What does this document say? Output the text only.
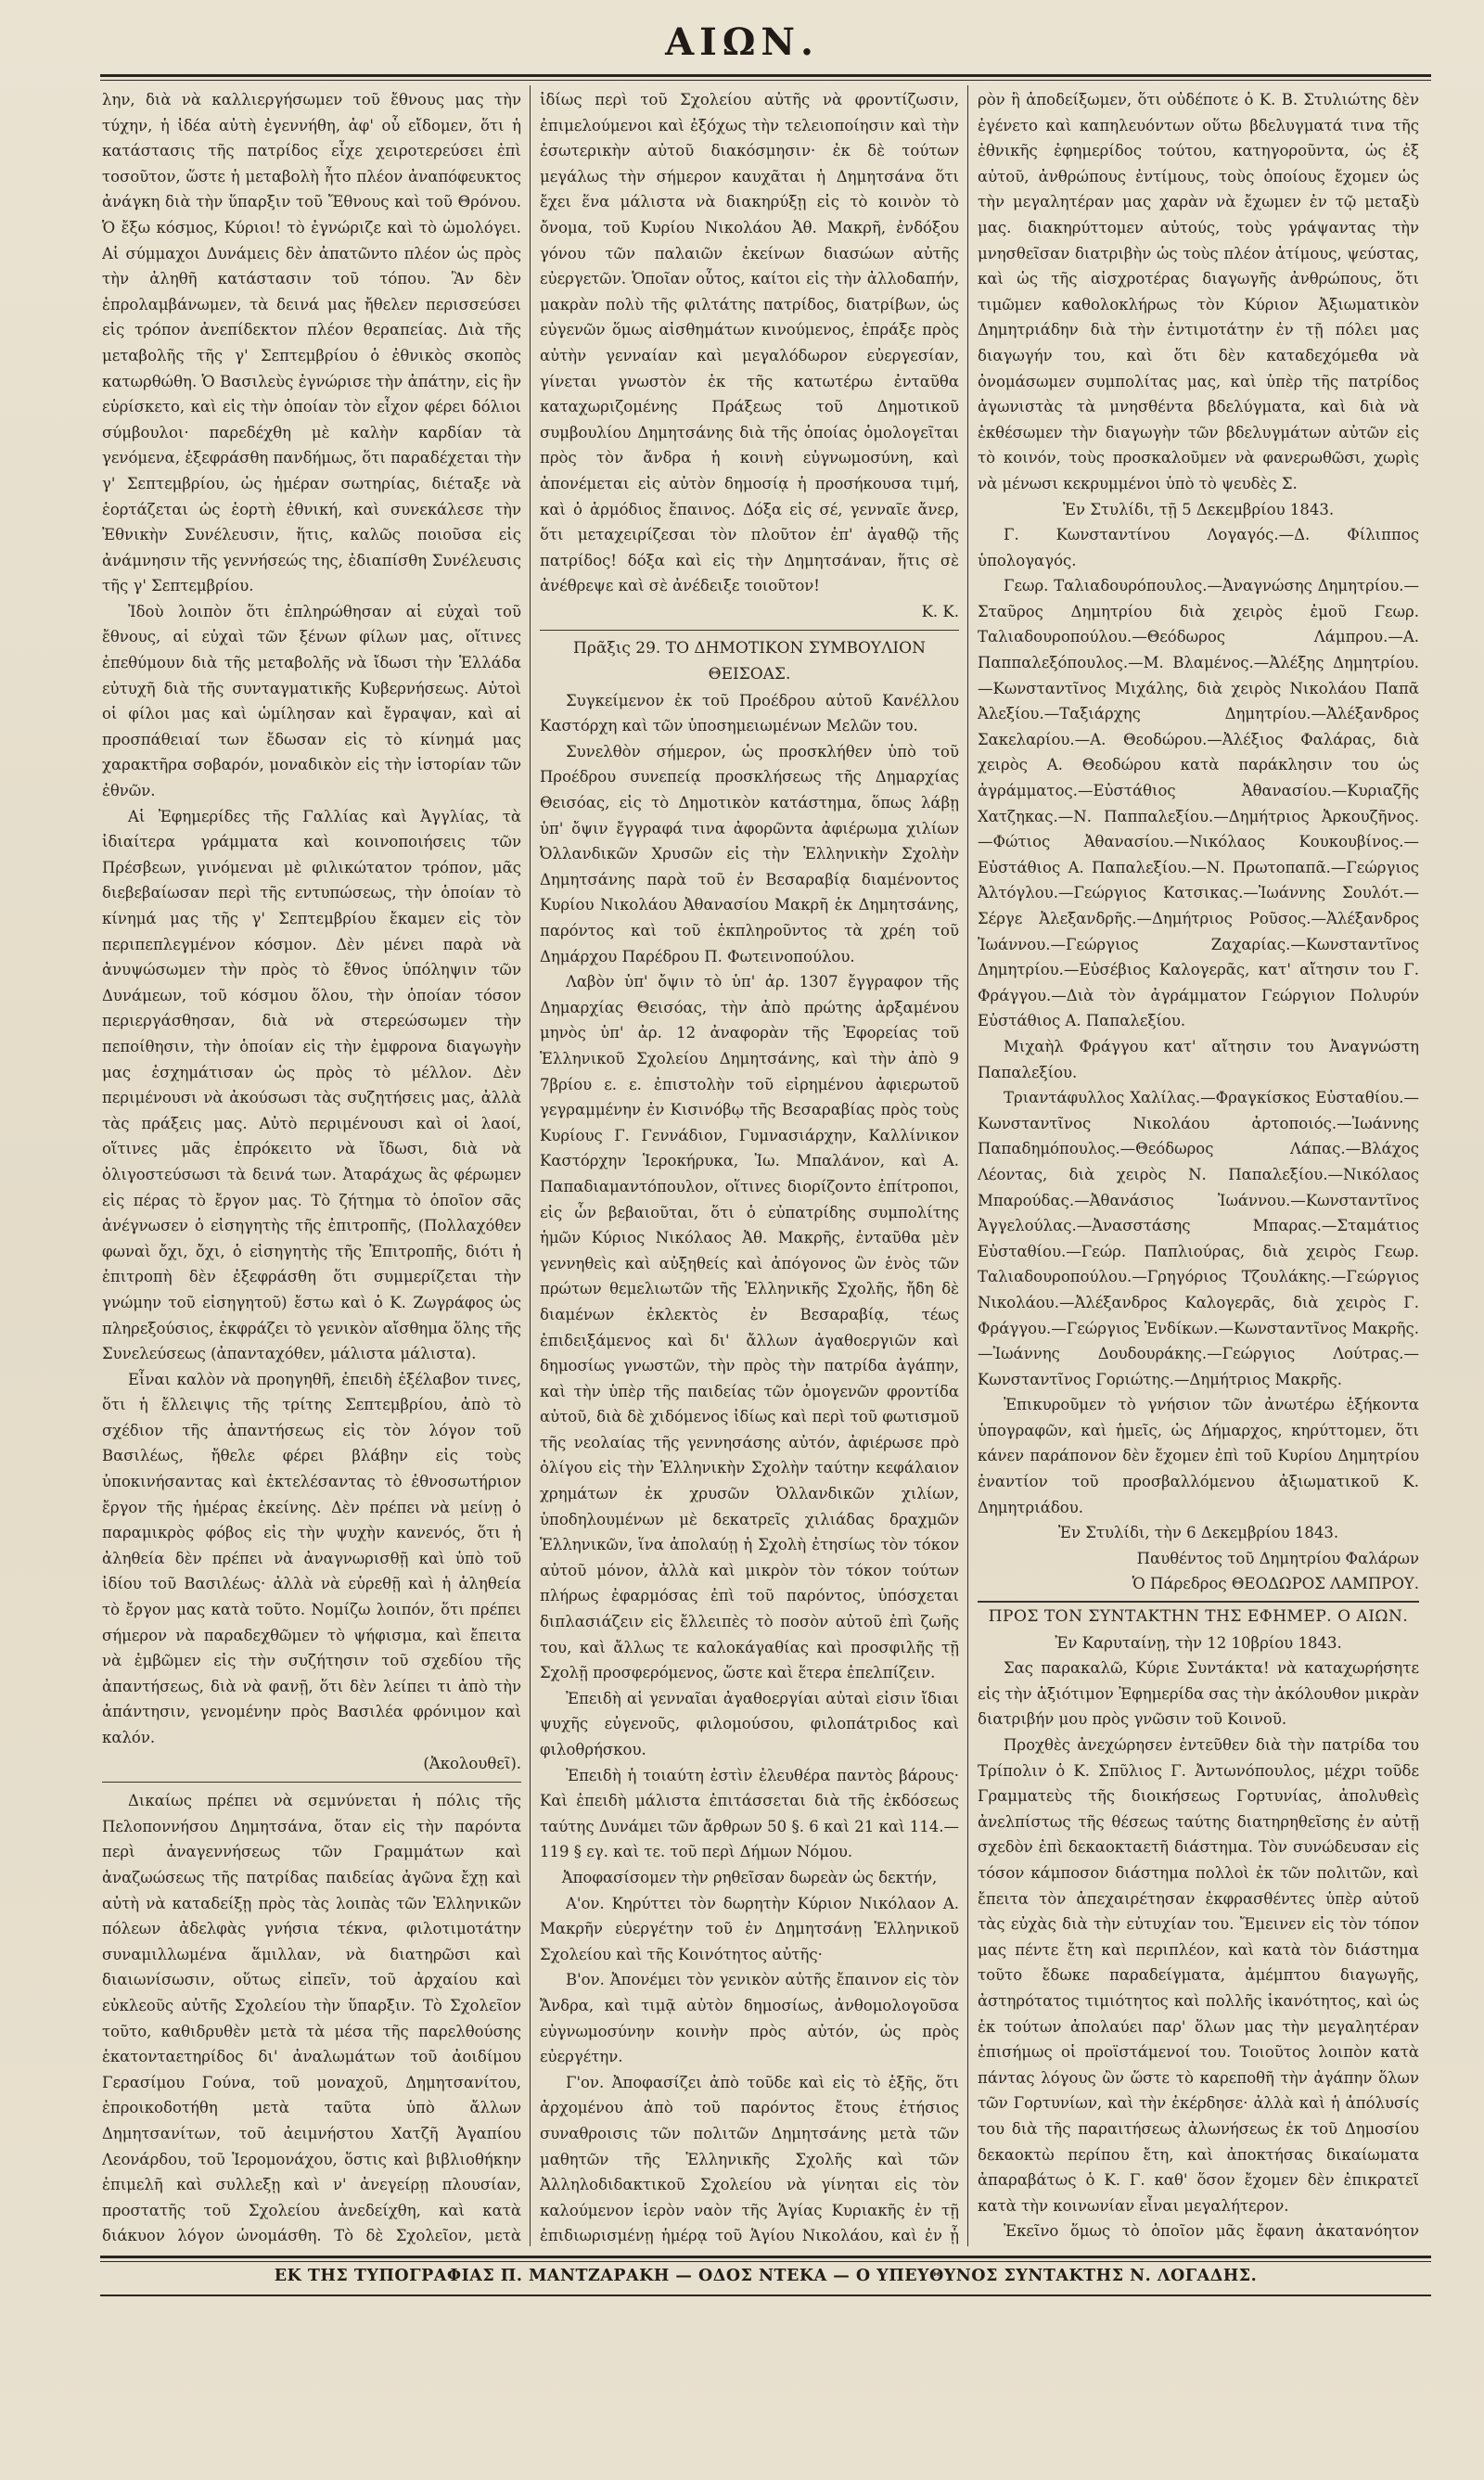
ΑΙΩΝ.

λην, διὰ νὰ καλλιεργήσωμεν τοῦ ἔθνους μας τὴν τύχην, ἡ ἰδέα αὐτὴ ἐγεννήθη, ἀφ' οὗ εἴδομεν, ὅτι ἡ κατάστασις τῆς πατρίδος εἶχε χειροτερεύσει ἐπὶ τοσοῦτον, ὥστε ἡ μεταβολὴ ἦτο πλέον ἀναπόφευκτος ἀνάγκη διὰ τὴν ὕπαρξιν τοῦ Ἔθνους καὶ τοῦ Θρόνου. Ὁ ἔξω κόσμος, Κύριοι! τὸ ἐγνώριζε καὶ τὸ ὡμολόγει. Αἱ σύμμαχοι Δυνάμεις δὲν ἀπατῶντο πλέον ὡς πρὸς τὴν ἀληθῆ κατάστασιν τοῦ τόπου. Ἂν δὲν ἐπρολαμβάνωμεν, τὰ δεινά μας ἤθελεν περισσεύσει εἰς τρόπον ἀνεπίδεκτον πλέον θεραπείας. Διὰ τῆς μεταβολῆς τῆς γ' Σεπτεμβρίου ὁ ἐθνικὸς σκοπὸς κατωρθώθη. Ὁ Βασιλεὺς ἐγνώρισε τὴν ἀπάτην, εἰς ἣν εὑρίσκετο, καὶ εἰς τὴν ὁποίαν τὸν εἶχον φέρει δόλιοι σύμβουλοι· παρεδέχθη μὲ καλὴν καρδίαν τὰ γενόμενα, ἐξεφράσθη πανδήμως, ὅτι παραδέχεται τὴν γ' Σεπτεμβρίου, ὡς ἡμέραν σωτηρίας, διέταξε νὰ ἑορτάζεται ὡς ἑορτὴ ἐθνική, καὶ συνεκάλεσε τὴν Ἐθνικὴν Συνέλευσιν, ἥτις, καλῶς ποιοῦσα εἰς ἀνάμνησιν τῆς γεννήσεώς της, ἐδιαπίσθη Συνέλευσις τῆς γ' Σεπτεμβρίου.

Ἰδοὺ λοιπὸν ὅτι ἐπληρώθησαν αἱ εὐχαὶ τοῦ ἔθνους, αἱ εὐχαὶ τῶν ξένων φίλων μας, οἵτινες ἐπεθύμουν διὰ τῆς μεταβολῆς νὰ ἴδωσι τὴν Ἑλλάδα εὐτυχῆ διὰ τῆς συνταγματικῆς Κυβερνήσεως. Αὐτοὶ οἱ φίλοι μας καὶ ὡμίλησαν καὶ ἔγραψαν, καὶ αἱ προσπάθειαί των ἔδωσαν εἰς τὸ κίνημά μας χαρακτῆρα σοβαρόν, μοναδικὸν εἰς τὴν ἱστορίαν τῶν ἐθνῶν.

Αἱ Ἐφημερίδες τῆς Γαλλίας καὶ Ἀγγλίας, τὰ ἰδιαίτερα γράμματα καὶ κοινοποιήσεις τῶν Πρέσβεων, γινόμεναι μὲ φιλικώτατον τρόπον, μᾶς διεβεβαίωσαν περὶ τῆς εντυπώσεως, τὴν ὁποίαν τὸ κίνημά μας τῆς γ' Σεπτεμβρίου ἔκαμεν εἰς τὸν περιπεπλεγμένον κόσμον. Δὲν μένει παρὰ νὰ ἀνυψώσωμεν τὴν πρὸς τὸ ἔθνος ὑπόληψιν τῶν Δυνάμεων, τοῦ κόσμου ὅλου, τὴν ὁποίαν τόσον περιεργάσθησαν, διὰ νὰ στερεώσωμεν τὴν πεποίθησιν, τὴν ὁποίαν εἰς τὴν ἐμφρονα διαγωγὴν μας ἐσχημάτισαν ὡς πρὸς τὸ μέλλον. Δὲν περιμένουσι νὰ ἀκούσωσι τὰς συζητήσεις μας, ἀλλὰ τὰς πράξεις μας. Αὐτὸ περιμένουσι καὶ οἱ λαοί, οἵτινες μᾶς ἐπρόκειτο νὰ ἴδωσι, διὰ νὰ ὀλιγοστεύσωσι τὰ δεινά των. Ἀταράχως ἂς φέρωμεν εἰς πέρας τὸ ἔργον μας. Τὸ ζήτημα τὸ ὁποῖον σᾶς ἀνέγνωσεν ὁ εἰσηγητὴς τῆς ἐπιτροπῆς, (Πολλαχόθεν φωναὶ ὄχι, ὄχι, ὁ εἰσηγητὴς τῆς Ἐπιτροπῆς, διότι ἡ ἐπιτροπὴ δὲν ἐξεφράσθη ὅτι συμμερίζεται τὴν γνώμην τοῦ εἰσηγητοῦ) ἔστω καὶ ὁ Κ. Ζωγράφος ὡς πληρεξούσιος, ἐκφράζει τὸ γενικὸν αἴσθημα ὅλης τῆς Συνελεύσεως (ἀπανταχόθεν, μάλιστα μάλιστα).

Εἶναι καλὸν νὰ προηγηθῆ, ἐπειδὴ ἐξέλαβον τινες, ὅτι ἡ ἔλλειψις τῆς τρίτης Σεπτεμβρίου, ἀπὸ τὸ σχέδιον τῆς ἀπαντήσεως εἰς τὸν λόγον τοῦ Βασιλέως, ἤθελε φέρει βλάβην εἰς τοὺς ὑποκινήσαντας καὶ ἐκτελέσαντας τὸ ἐθνοσωτήριον ἔργον τῆς ἡμέρας ἐκείνης. Δὲν πρέπει νὰ μείνῃ ὁ παραμικρὸς φόβος εἰς τὴν ψυχὴν κανενός, ὅτι ἡ ἀληθεία δὲν πρέπει νὰ ἀναγνωρισθῇ καὶ ὑπὸ τοῦ ἰδίου τοῦ Βασιλέως· ἀλλὰ νὰ εὑρεθῇ καὶ ἡ ἀληθεία τὸ ἔργον μας κατὰ τοῦτο. Νομίζω λοιπόν, ὅτι πρέπει σήμερον νὰ παραδεχθῶμεν τὸ ψήφισμα, καὶ ἔπειτα νὰ ἐμβῶμεν εἰς τὴν συζήτησιν τοῦ σχεδίου τῆς ἀπαντήσεως, διὰ νὰ φανῇ, ὅτι δὲν λείπει τι ἀπὸ τὴν ἀπάντησιν, γενομένην πρὸς Βασιλέα φρόνιμον καὶ καλόν.

(Ἀκολουθεῖ).

Δικαίως πρέπει νὰ σεμνύνεται ἡ πόλις τῆς Πελοποννήσου Δημητσάνα, ὅταν εἰς τὴν παρόντα περὶ ἀναγεννήσεως τῶν Γραμμάτων καὶ ἀναζωώσεως τῆς πατρίδας παιδείας ἀγῶνα ἔχῃ καὶ αὐτὴ νὰ καταδείξῃ πρὸς τὰς λοιπὰς τῶν Ἑλληνικῶν πόλεων ἀδελφὰς γνήσια τέκνα, φιλοτιμοτάτην συναμιλλωμένα ἅμιλλαν, νὰ διατηρῶσι καὶ διαιωνίσωσιν, οὕτως εἰπεῖν, τοῦ ἀρχαίου καὶ εὐκλεοῦς αὐτῆς Σχολείου τὴν ὕπαρξιν. Τὸ Σχολεῖον τοῦτο, καθιδρυθὲν μετὰ τὰ μέσα τῆς παρελθούσης ἑκατονταετηρίδος δι' ἀναλωμάτων τοῦ ἀοιδίμου Γερασίμου Γούνα, τοῦ μοναχοῦ, Δημητσανίτου, ἐπροικοδοτήθη μετὰ ταῦτα ὑπὸ ἄλλων Δημητσανίτων, τοῦ ἀειμνήστου Χατζῆ Ἀγαπίου Λεονάρδου, τοῦ Ἱερομονάχου, ὅστις καὶ βιβλιοθήκην ἐπιμελῆ καὶ συλλεξῃ καὶ ν' ἀνεγείρῃ πλουσίαν, προστατῆς τοῦ Σχολείου ἀνεδείχθη, καὶ κατὰ διάκυον λόγον ὡνομάσθη. Τὸ δὲ Σχολεῖον, μετὰ

ἰδίως περὶ τοῦ Σχολείου αὐτῆς νὰ φροντίζωσιν, ἐπιμελούμενοι καὶ ἐξόχως τὴν τελειοποίησιν καὶ τὴν ἐσωτερικὴν αὐτοῦ διακόσμησιν· ἐκ δὲ τούτων μεγάλως τὴν σήμερον καυχᾶται ἡ Δημητσάνα ὅτι ἔχει ἕνα μάλιστα νὰ διακηρύξῃ εἰς τὸ κοινὸν τὸ ὄνομα, τοῦ Κυρίου Νικολάου Ἀθ. Μακρῆ, ἐνδόξου γόνου τῶν παλαιῶν ἐκείνων διασώων αὐτῆς εὐεργετῶν. Ὁποῖαν οὗτος, καίτοι εἰς τὴν ἀλλοδαπήν, μακρὰν πολὺ τῆς φιλτάτης πατρίδος, διατρίβων, ὡς εὐγενῶν ὅμως αἰσθημάτων κινούμενος, ἐπράξε πρὸς αὐτὴν γενναίαν καὶ μεγαλόδωρον εὐεργεσίαν, γίνεται γνωστὸν ἐκ τῆς κατωτέρω ἐνταῦθα καταχωριζομένης Πράξεως τοῦ Δημοτικοῦ συμβουλίου Δημητσάνης διὰ τῆς ὁποίας ὁμολογεῖται πρὸς τὸν ἄνδρα ἡ κοινὴ εὐγνωμοσύνη, καὶ ἀπονέμεται εἰς αὐτὸν δημοσίᾳ ἡ προσήκουσα τιμή, καὶ ὁ ἁρμόδιος ἔπαινος. Δόξα εἰς σέ, γενναῖε ἄνερ, ὅτι μεταχειρίζεσαι τὸν πλοῦτον ἐπ' ἀγαθῷ τῆς πατρίδος! δόξα καὶ εἰς τὴν Δημητσάναν, ἥτις σὲ ἀνέθρεψε καὶ σὲ ἀνέδειξε τοιοῦτον!

Κ. Κ.

Πρᾶξις 29. ΤΟ ΔΗΜΟΤΙΚΟΝ ΣΥΜΒΟΥΛΙΟΝ ΘΕΙΣΟΑΣ.

Συγκείμενον ἐκ τοῦ Προέδρου αὐτοῦ Κανέλλου Καστόρχη καὶ τῶν ὑποσημειωμένων Μελῶν του.

Συνελθὸν σήμερον, ὡς προσκλήθεν ὑπὸ τοῦ Προέδρου συνεπείᾳ προσκλήσεως τῆς Δημαρχίας Θεισόας, εἰς τὸ Δημοτικὸν κατάστημα, ὅπως λάβῃ ὑπ' ὄψιν ἔγγραφά τινα ἀφορῶντα ἀφιέρωμα χιλίων Ὀλλανδικῶν Χρυσῶν εἰς τὴν Ἑλληνικὴν Σχολὴν Δημητσάνης παρὰ τοῦ ἐν Βεσαραβίᾳ διαμένοντος Κυρίου Νικολάου Ἀθανασίου Μακρῆ ἐκ Δημητσάνης, παρόντος καὶ τοῦ ἐκπληροῦντος τὰ χρέη τοῦ Δημάρχου Παρέδρου Π. Φωτεινοπούλου.

Λαβὸν ὑπ' ὄψιν τὸ ὑπ' ἀρ. 1307 ἔγγραφον τῆς Δημαρχίας Θεισόας, τὴν ἀπὸ πρώτης ἀρξαμένου μηνὸς ὑπ' ἀρ. 12 ἀναφορὰν τῆς Ἐφορείας τοῦ Ἑλληνικοῦ Σχολείου Δημητσάνης, καὶ τὴν ἀπὸ 9 7βρίου ε. ε. ἐπιστολὴν τοῦ εἰρημένου ἀφιερωτοῦ γεγραμμένην ἐν Κισινόβῳ τῆς Βεσαραβίας πρὸς τοὺς Κυρίους Γ. Γεννάδιον, Γυμνασιάρχην, Καλλίνικον Καστόρχην Ἱεροκήρυκα, Ἰω. Μπαλάνον, καὶ Α. Παπαδιαμαντόπουλον, οἵτινες διορίζοντο ἐπίτροποι, εἰς ὧν βεβαιοῦται, ὅτι ὁ εὐπατρίδης συμπολίτης ἡμῶν Κύριος Νικόλαος Ἀθ. Μακρῆς, ἐνταῦθα μὲν γεννηθεὶς καὶ αὐξηθείς καὶ ἀπόγονος ὢν ἑνὸς τῶν πρώτων θεμελιωτῶν τῆς Ἑλληνικῆς Σχολῆς, ἤδη δὲ διαμένων ἐκλεκτὸς ἐν Βεσαραβίᾳ, τέως ἐπιδειξάμενος καὶ δι' ἄλλων ἀγαθοεργιῶν καὶ δημοσίως γνωστῶν, τὴν πρὸς τὴν πατρίδα ἀγάπην, καὶ τὴν ὑπὲρ τῆς παιδείας τῶν ὁμογενῶν φροντίδα αὐτοῦ, διὰ δὲ χιδόμενος ἰδίως καὶ περὶ τοῦ φωτισμοῦ τῆς νεολαίας τῆς γεννησάσης αὐτόν, ἀφιέρωσε πρὸ ὀλίγου εἰς τὴν Ἑλληνικὴν Σχολὴν ταύτην κεφάλαιον χρημάτων ἐκ χρυσῶν Ὀλλανδικῶν χιλίων, ὑποδηλουμένων μὲ δεκατρεῖς χιλιάδας δραχμῶν Ἑλληνικῶν, ἵνα ἀπολαύῃ ἡ Σχολὴ ἐτησίως τὸν τόκον αὐτοῦ μόνον, ἀλλὰ καὶ μικρὸν τὸν τόκον τούτων πλήρως ἐφαρμόσας ἐπὶ τοῦ παρόντος, ὑπόσχεται διπλασιάζειν εἰς ἔλλειπὲς τὸ ποσὸν αὐτοῦ ἐπὶ ζωῆς του, καὶ ἄλλως τε καλοκάγαθίας καὶ προσφιλῆς τῇ Σχολῇ προσφερόμενος, ὥστε καὶ ἕτερα ἐπελπίζειν.

Ἐπειδὴ αἱ γενναῖαι ἀγαθοεργίαι αὐταὶ εἰσιν ἴδιαι ψυχῆς εὐγενοῦς, φιλομούσου, φιλοπάτριδος καὶ φιλοθρήσκου.

Ἐπειδὴ ἡ τοιαύτη ἐστὶν ἐλευθέρα παντὸς βάρους· Καὶ ἐπειδὴ μάλιστα ἐπιτάσσεται διὰ τῆς ἐκδόσεως ταύτης Δυνάμει τῶν ἄρθρων 50 §. 6 καὶ 21 καὶ 114.—119 § εγ. καὶ τε. τοῦ περὶ Δήμων Νόμου.

Ἀποφασίσομεν τὴν ρηθεῖσαν δωρεὰν ὡς δεκτήν,

Α'ον. Κηρύττει τὸν δωρητὴν Κύριον Νικόλαον Α. Μακρῆν εὐεργέτην τοῦ ἐν Δημητσάνῃ Ἑλληνικοῦ Σχολείου καὶ τῆς Κοινότητος αὐτῆς·

Β'ον. Ἀπονέμει τὸν γενικὸν αὐτῆς ἔπαινον εἰς τὸν Ἄνδρα, καὶ τιμᾷ αὐτὸν δημοσίως, ἀνθομολογοῦσα εὐγνωμοσύνην κοινὴν πρὸς αὐτόν, ὡς πρὸς εὐεργέτην.

Γ'ον. Ἀποφασίζει ἀπὸ τοῦδε καὶ εἰς τὸ ἑξῆς, ὅτι ἀρχομένου ἀπὸ τοῦ παρόντος ἔτους ἐτήσιος συναθροισις τῶν πολιτῶν Δημητσάνης μετὰ τῶν μαθητῶν τῆς Ἑλληνικῆς Σχολῆς καὶ τῶν Ἀλληλοδιδακτικοῦ Σχολείου νὰ γίνηται εἰς τὸν καλούμενον ἱερὸν ναὸν τῆς Ἁγίας Κυριακῆς ἐν τῇ ἐπιδιωρισμένῃ ἡμέρᾳ τοῦ Ἁγίου Νικολάου, καὶ ἐν ᾗ

ρὸν ἢ ἀποδείξωμεν, ὅτι οὐδέποτε ὁ Κ. Β. Στυλιώτης δὲν ἐγένετο καὶ καπηλευόντων οὕτω βδελυγματά τινα τῆς ἐθνικῆς ἐφημερίδος τούτου, κατηγοροῦντα, ὡς ἐξ αὐτοῦ, ἀνθρώπους ἐντίμους, τοὺς ὁποίους ἔχομεν ὡς τὴν μεγαλητέραν μας χαρὰν νὰ ἔχωμεν ἐν τῷ μεταξὺ μας. διακηρύττομεν αὐτούς, τοὺς γράψαντας τὴν μνησθεῖσαν διατριβὴν ὡς τοὺς πλέον ἀτίμους, ψεύστας, καὶ ὡς τῆς αἰσχροτέρας διαγωγῆς ἀνθρώπους, ὅτι τιμῶμεν καθολοκλήρως τὸν Κύριον Ἀξιωματικὸν Δημητριάδην διὰ τὴν ἐντιμοτάτην ἐν τῇ πόλει μας διαγωγήν του, καὶ ὅτι δὲν καταδεχόμεθα νὰ ὀνομάσωμεν συμπολίτας μας, καὶ ὑπὲρ τῆς πατρίδος ἀγωνιστὰς τὰ μνησθέντα βδελύγματα, καὶ διὰ νὰ ἐκθέσωμεν τὴν διαγωγὴν τῶν βδελυγμάτων αὐτῶν εἰς τὸ κοινόν, τοὺς προσκαλοῦμεν νὰ φανερωθῶσι, χωρὶς νὰ μένωσι κεκρυμμένοι ὑπὸ τὸ ψευδὲς Σ.

Ἐν Στυλίδι, τῇ 5 Δεκεμβρίου 1843.

Γ. Κωνσταντίνου Λογαγός.—Δ. Φίλιππος ὑπολογαγός.

Γεωρ. Ταλιαδουρόπουλος.—Ἀναγνώσης Δημητρίου.—Σταῦρος Δημητρίου διὰ χειρὸς ἐμοῦ Γεωρ. Ταλιαδουροπούλου.—Θεόδωρος Λάμπρου.—Α. Παππαλεξόπουλος.—Μ. Βλαμένος.—Ἀλέξης Δημητρίου.—Κωνσταντῖνος Μιχάλης, διὰ χειρὸς Νικολάου Παπᾶ Ἀλεξίου.—Ταξιάρχης Δημητρίου.—Ἀλέξανδρος Σακελαρίου.—Α. Θεοδώρου.—Ἀλέξιος Φαλάρας, διὰ χειρὸς Α. Θεοδώρου κατὰ παράκλησιν του ὡς ἀγράμματος.—Εὐστάθιος Ἀθανασίου.—Κυριαζῆς Χατζηκας.—Ν. Παππαλεξίου.—Δημήτριος Ἀρκουζῆνος.—Φώτιος Ἀθανασίου.—Νικόλαος Κουκουβίνος.—Εὐστάθιος Α. Παπαλεξίου.—Ν. Πρωτοπαπᾶ.—Γεώργιος Ἀλτόγλου.—Γεώργιος Κατσικας.—Ἰωάννης Σουλότ.—Σέργε Ἀλεξανδρῆς.—Δημήτριος Ροῦσος.—Ἀλέξανδρος Ἰωάννου.—Γεώργιος Ζαχαρίας.—Κωνσταντῖνος Δημητρίου.—Εὐσέβιος Καλογερᾶς, κατ' αἴτησιν του Γ. Φράγγου.—Διὰ τὸν ἀγράμματον Γεώργιον Πολυρύν Εὐστάθιος Α. Παπαλεξίου.

Μιχαὴλ Φράγγου κατ' αἴτησιν του Ἀναγνώστη Παπαλεξίου.

Τριαντάφυλλος Χαλίλας.—Φραγκίσκος Εὐσταθίου.—Κωνσταντῖνος Νικολάου ἀρτοποιός.—Ἰωάννης Παπαδημόπουλος.—Θεόδωρος Λάπας.—Βλάχος Λέοντας, διὰ χειρὸς Ν. Παπαλεξίου.—Νικόλαος Μπαρούδας.—Ἀθανάσιος Ἰωάννου.—Κωνσταντῖνος Ἀγγελούλας.—Ἀνασστάσης Μπαρας.—Σταμάτιος Εὐσταθίου.—Γεώρ. Παπλιούρας, διὰ χειρὸς Γεωρ. Ταλιαδουροπούλου.—Γρηγόριος Τζουλάκης.—Γεώργιος Νικολάου.—Ἀλέξανδρος Καλογερᾶς, διὰ χειρὸς Γ. Φράγγου.—Γεώργιος Ἐνδίκων.—Κωνσταντῖνος Μακρῆς.—Ἰωάννης Δουδουράκης.—Γεώργιος Λούτρας.—Κωνσταντῖνος Γοριώτης.—Δημήτριος Μακρῆς.

Ἐπικυροῦμεν τὸ γνήσιον τῶν ἀνωτέρω ἑξήκοντα ὑπογραφῶν, καὶ ἡμεῖς, ὡς Δήμαρχος, κηρύττομεν, ὅτι κάνεν παράπονον δὲν ἔχομεν ἐπὶ τοῦ Κυρίου Δημητρίου ἐναντίον τοῦ προσβαλλόμενου ἀξιωματικοῦ Κ. Δημητριάδου.

Ἐν Στυλίδι, τὴν 6 Δεκεμβρίου 1843.

Παυθέντος τοῦ Δημητρίου Φαλάρων

Ὁ Πάρεδρος ΘΕΟΔΩΡΟΣ ΛΑΜΠΡΟΥ.

ΠΡΟΣ ΤΟΝ ΣΥΝΤΑΚΤΗΝ ΤΗΣ ΕΦΗΜΕΡ. Ο ΑΙΩΝ.

Ἐν Καρυταίνῃ, τὴν 12 10βρίου 1843.

Σας παρακαλῶ, Κύριε Συντάκτα! νὰ καταχωρήσητε εἰς τὴν ἀξιότιμον Ἐφημερίδα σας τὴν ἀκόλουθον μικρὰν διατριβήν μου πρὸς γνῶσιν τοῦ Κοινοῦ.

Προχθὲς ἀνεχώρησεν ἐντεῦθεν διὰ τὴν πατρίδα του Τρίπολιν ὁ Κ. Σπῦλιος Γ. Ἀντωνόπουλος, μέχρι τοῦδε Γραμματεὺς τῆς διοικήσεως Γορτυνίας, ἀπολυθεὶς ἀνελπίστως τῆς θέσεως ταύτης διατηρηθεῖσης ἐν αὐτῇ σχεδὸν ἐπὶ δεκαοκταετῆ διάστημα. Τὸν συνώδευσαν εἰς τόσον κάμποσον διάστημα πολλοὶ ἐκ τῶν πολιτῶν, καὶ ἔπειτα τὸν ἀπεχαιρέτησαν ἐκφρασθέντες ὑπὲρ αὐτοῦ τὰς εὐχὰς διὰ τὴν εὐτυχίαν του. Ἔμεινεν εἰς τὸν τόπον μας πέντε ἔτη καὶ περιπλέον, καὶ κατὰ τὸν διάστημα τοῦτο ἔδωκε παραδείγματα, ἀμέμπτου διαγωγῆς, ἀστηρότατος τιμιότητος καὶ πολλῆς ἱκανότητος, καὶ ὡς ἐκ τούτων ἀπολαύει παρ' ὅλων μας τὴν μεγαλητέραν ἐπισήμως οἱ προϊστάμενοί του. Τοιοῦτος λοιπὸν κατὰ πάντας λόγους ὢν ὥστε τὸ καρεποθῆ τὴν ἀγάπην ὅλων τῶν Γορτυνίων, καὶ τὴν ἐκέρδησε· ἀλλὰ καὶ ἡ ἀπόλυσίς του διὰ τῆς παραιτήσεως ἀλωνήσεως ἐκ τοῦ Δημοσίου δεκαοκτὼ περίπου ἔτη, καὶ ἀποκτήσας δικαίωματα ἀπαραβάτως ὁ Κ. Γ. καθ' ὅσον ἔχομεν δὲν ἐπικρατεῖ κατὰ τὴν κοινωνίαν εἶναι μεγαλήτερον.

Ἐκεῖνο ὅμως τὸ ὁποῖον μᾶς ἔφανη ἀκατανόητον

ΕΚ ΤΗΣ ΤΥΠΟΓΡΑΦΙΑΣ Π. ΜΑΝΤΖΑΡΑΚΗ — ΟΔΟΣ ΝΤΕΚΑ — Ο ΥΠΕΥΘΥΝΟΣ ΣΥΝΤΑΚΤΗΣ Ν. ΛΟΓΑΔΗΣ.
